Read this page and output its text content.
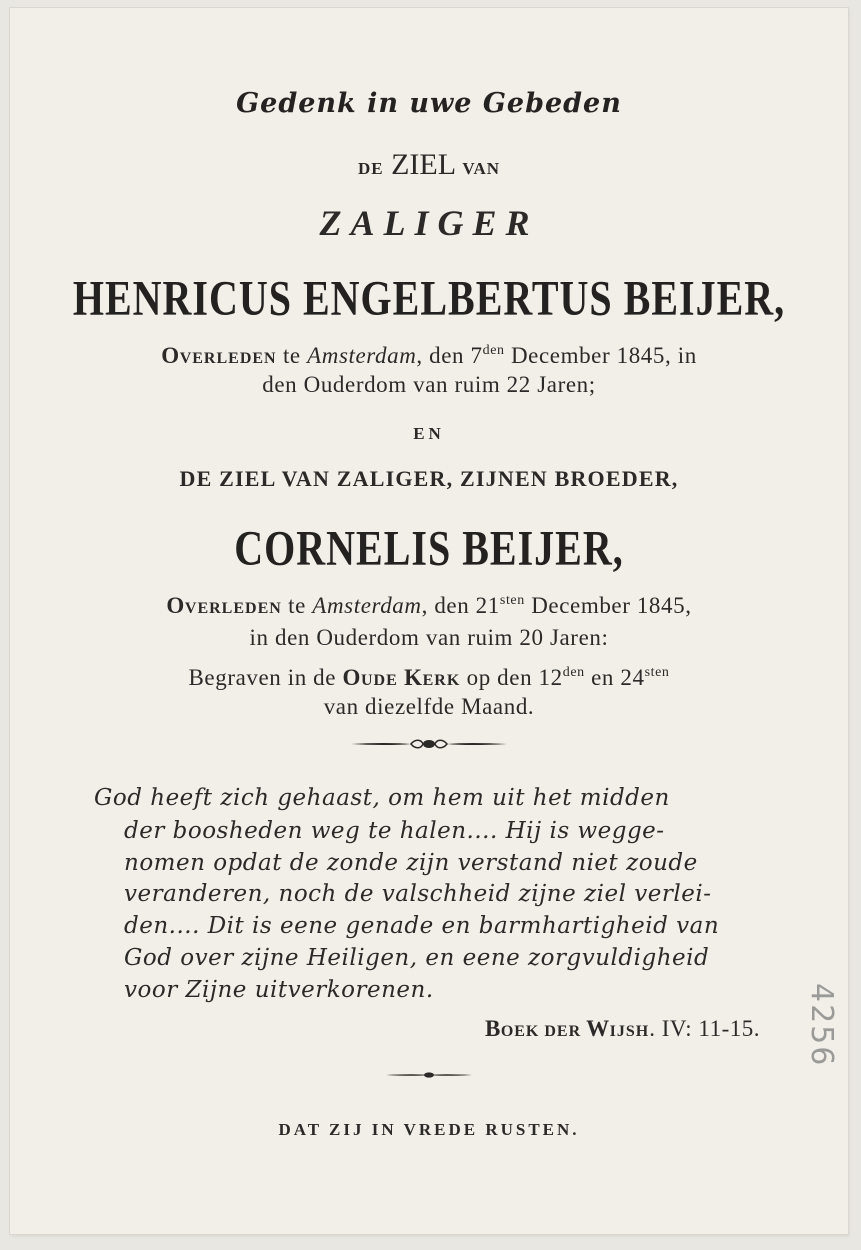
Gedenk in uwe Gebeden
DE ZIEL VAN
ZALIGER
HENRICUS ENGELBERTUS BEIJER,
OVERLEDEN te Amsterdam, den $7^{den}$ December 1845, in
den Ouderdom van ruim 22 Jaren;
EN
DE ZIEL VAN ZALIGER, ZIJNEN BROEDER,
CORNELIS BEIJER,
OVERLEDEN te Amsterdam, den $21^{sten}$ December 1845,
in den Ouderdom van ruim 20 Jaren:
Begraven in de OUDE KERK op den $12^{den}$ en $24^{sten}$
van diezelfde Maand.
God heeft zich gehaast, om hem uit het midden
der boosheden weg te halen.... Hij is wegge-
nomen opdat de zonde zijn verstand niet zoude
veranderen, noch de valschheid zijne ziel verlei-
den.... Dit is eene genade en barmhartigheid van
God over zijne Heiligen, en eene zorgvuldigheid
voor Zijne uitverkorenen.
BOEK DER WIJSH. IV: 11-15.
DAT ZIJ IN VREDE RUSTEN.
4256
